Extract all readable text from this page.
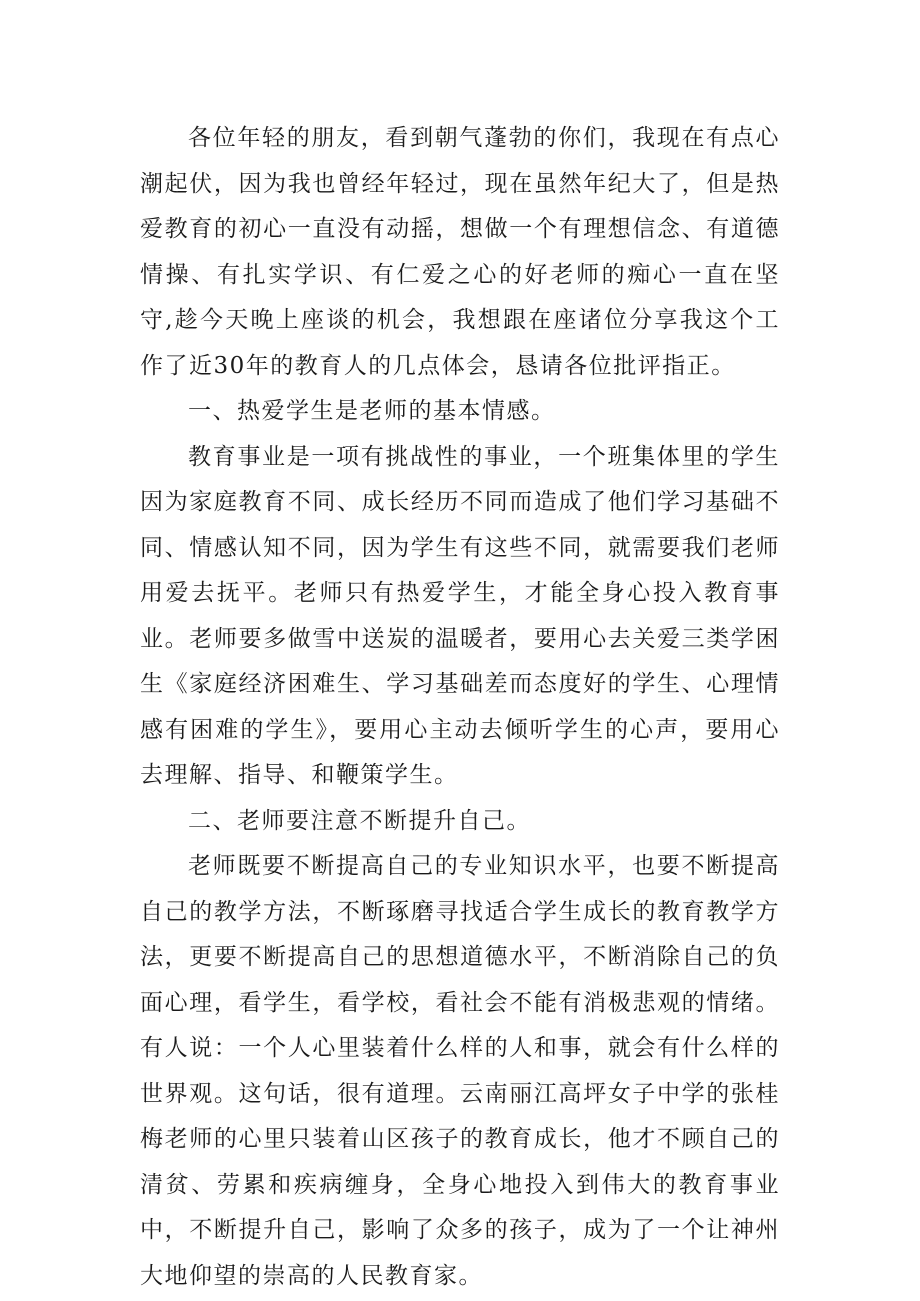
各位年轻的朋友，看到朝气蓬勃的你们，我现在有点心潮起伏，因为我也曾经年轻过，现在虽然年纪大了，但是热爱教育的初心一直没有动摇，想做一个有理想信念、有道德情操、有扎实学识、有仁爱之心的好老师的痴心一直在坚守,趁今天晚上座谈的机会，我想跟在座诸位分享我这个工作了近30年的教育人的几点体会，恳请各位批评指正。

一、热爱学生是老师的基本情感。

教育事业是一项有挑战性的事业，一个班集体里的学生因为家庭教育不同、成长经历不同而造成了他们学习基础不同、情感认知不同，因为学生有这些不同，就需要我们老师用爱去抚平。老师只有热爱学生，才能全身心投入教育事业。老师要多做雪中送炭的温暖者，要用心去关爱三类学困生《家庭经济困难生、学习基础差而态度好的学生、心理情感有困难的学生》，要用心主动去倾听学生的心声，要用心去理解、指导、和鞭策学生。

二、老师要注意不断提升自己。

老师既要不断提高自己的专业知识水平，也要不断提高自己的教学方法，不断琢磨寻找适合学生成长的教育教学方法，更要不断提高自己的思想道德水平，不断消除自己的负面心理，看学生，看学校，看社会不能有消极悲观的情绪。有人说：一个人心里装着什么样的人和事，就会有什么样的世界观。这句话，很有道理。云南丽江高坪女子中学的张桂梅老师的心里只装着山区孩子的教育成长，他才不顾自己的清贫、劳累和疾病缠身，全身心地投入到伟大的教育事业中，不断提升自己，影响了众多的孩子，成为了一个让神州大地仰望的崇高的人民教育家。
